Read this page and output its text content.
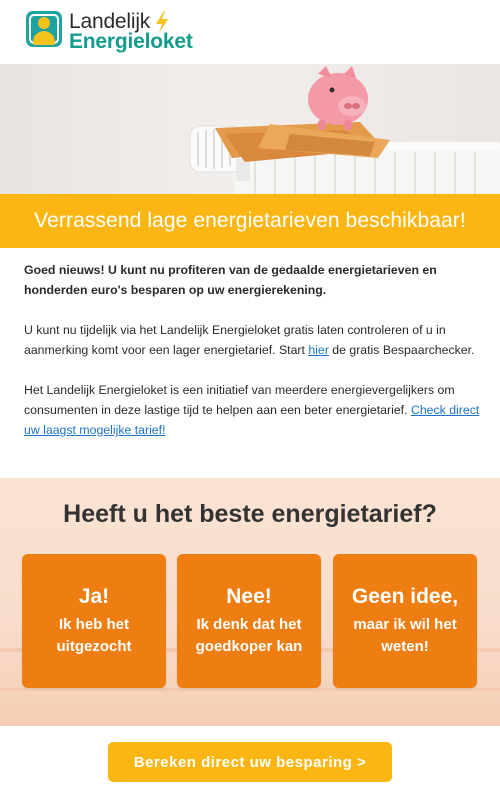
Landelijk
Energieloket
Verrassend lage energietarieven beschikbaar!

Goed nieuws! U kunt nu profiteren van de gedaalde energietarieven en honderden euro's besparen op uw energierekening.

U kunt nu tijdelijk via het Landelijk Energieloket gratis laten controleren of u in aanmerking komt voor een lager energietarief. Start hier de gratis Bespaarchecker.

Het Landelijk Energieloket is een initiatief van meerdere energievergelijkers om consumenten in deze lastige tijd te helpen aan een beter energietarief. Check direct uw laagst mogelijke tarief!

Heeft u het beste energietarief?
Ja!
Ik heb het uitgezocht
Nee!
Ik denk dat het goedkoper kan
Geen idee,
maar ik wil het weten!
Bereken direct uw besparing >
